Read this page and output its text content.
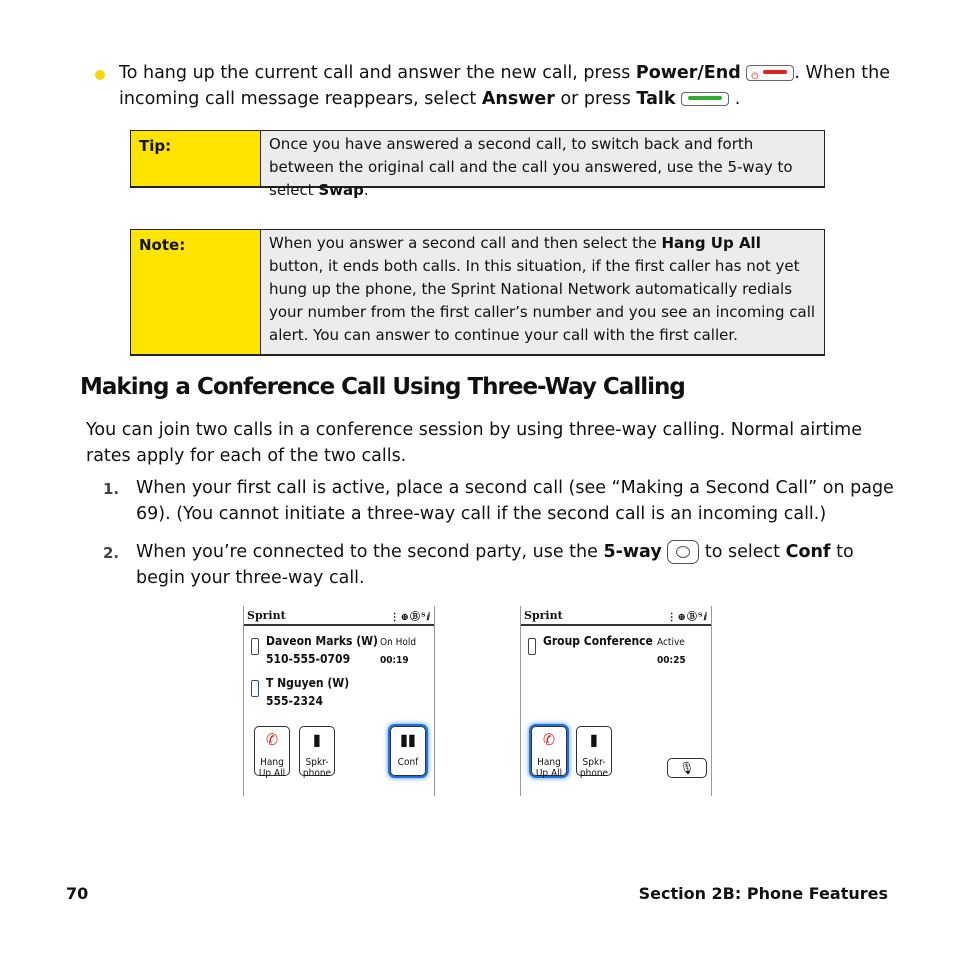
To hang up the current call and answer the new call, press Power/End ⏻	. When the
incoming call message reappears, select Answer or press Talk	.
Tip:	Once you have answered a second call, to switch back and forth between the original call and the call you answered, use the 5-way to select Swap.
Note:	When you answer a second call and then select the Hang Up All button, it ends both calls. In this situation, if the first caller has not yet hung up the phone, the Sprint National Network automatically redials your number from the first caller’s number and you see an incoming call alert. You can answer to continue your call with the first caller.
Making a Conference Call Using Three-Way Calling
You can join two calls in a conference session by using three-way calling. Normal airtime rates apply for each of the two calls.
1. When your first call is active, place a second call (see “Making a Second Call” on page 69). (You cannot initiate a three-way call if the second call is an incoming call.)
2. When you’re connected to the second party, use the 5-way  to select Conf to begin your three-way call.
Sprint	⋮⊕Ⓑᵀⅈ
Daveon Marks (W) On Hold
510-555-0709	00:19
T Nguyen (W)
555-2324
✆
Hang Up All
▮
Spkr-phone
▮▮
Conf
Sprint	⋮⊕Ⓑᵀⅈ
Group Conference Active
00:25
✆
Hang Up All
▮
Spkr-phone	🎙
70	Section 2B: Phone Features
